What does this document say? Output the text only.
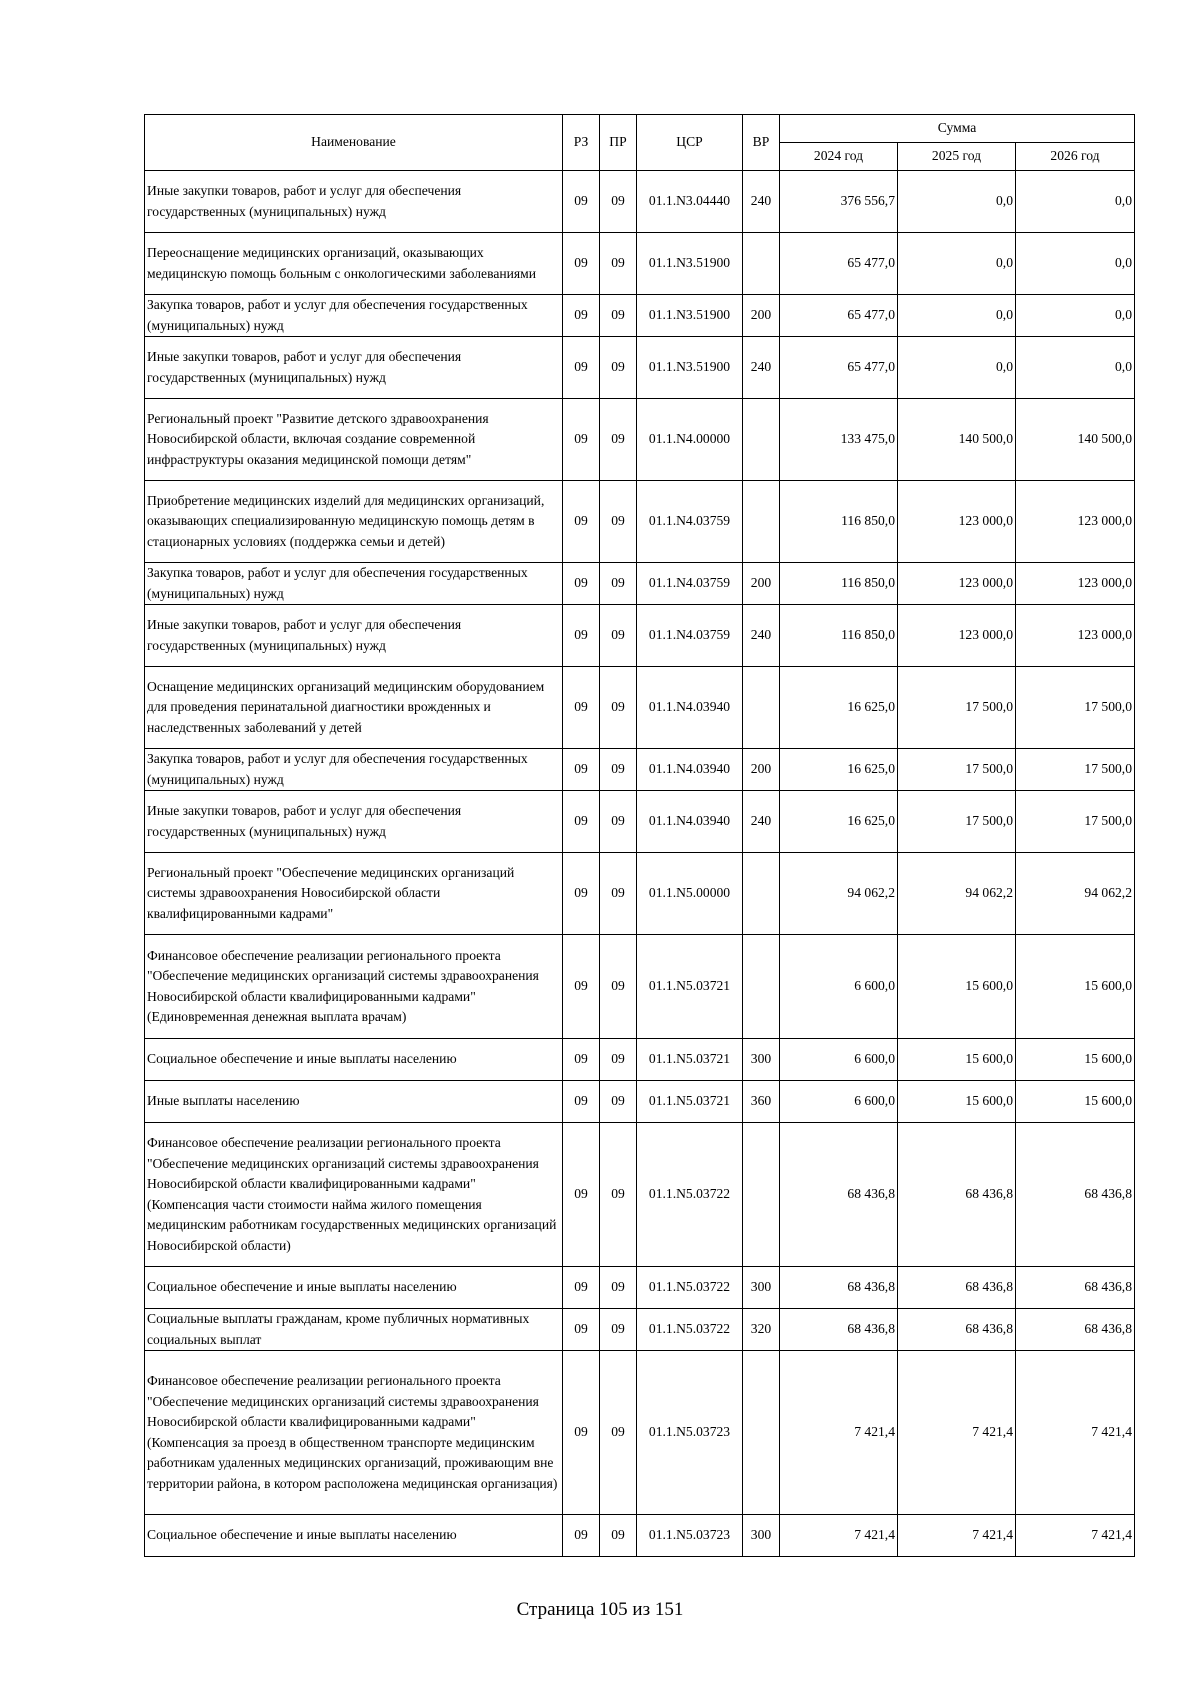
Наименование	РЗ	ПР	ЦСР	ВР	Сумма		
					2024 год	2025 год	2026 год
Иные закупки товаров, работ и услуг для обеспечения государственных (муниципальных) нужд	09	09	01.1.N3.04440	240	376 556,7	0,0	0,0
Переоснащение медицинских организаций, оказывающих медицинскую помощь больным с онкологическими заболеваниями	09	09	01.1.N3.51900		65 477,0	0,0	0,0
Закупка товаров, работ и услуг для обеспечения государственных (муниципальных) нужд	09	09	01.1.N3.51900	200	65 477,0	0,0	0,0
Иные закупки товаров, работ и услуг для обеспечения государственных (муниципальных) нужд	09	09	01.1.N3.51900	240	65 477,0	0,0	0,0
Региональный проект "Развитие детского здравоохранения Новосибирской области, включая создание современной инфраструктуры оказания медицинской помощи детям"	09	09	01.1.N4.00000		133 475,0	140 500,0	140 500,0
Приобретение медицинских изделий для медицинских организаций, оказывающих специализированную медицинскую помощь детям в стационарных условиях (поддержка семьи и детей)	09	09	01.1.N4.03759		116 850,0	123 000,0	123 000,0
Закупка товаров, работ и услуг для обеспечения государственных (муниципальных) нужд	09	09	01.1.N4.03759	200	116 850,0	123 000,0	123 000,0
Иные закупки товаров, работ и услуг для обеспечения государственных (муниципальных) нужд	09	09	01.1.N4.03759	240	116 850,0	123 000,0	123 000,0
Оснащение медицинских организаций медицинским оборудованием для проведения перинатальной диагностики врожденных и наследственных заболеваний у детей	09	09	01.1.N4.03940		16 625,0	17 500,0	17 500,0
Закупка товаров, работ и услуг для обеспечения государственных (муниципальных) нужд	09	09	01.1.N4.03940	200	16 625,0	17 500,0	17 500,0
Иные закупки товаров, работ и услуг для обеспечения государственных (муниципальных) нужд	09	09	01.1.N4.03940	240	16 625,0	17 500,0	17 500,0
Региональный проект "Обеспечение медицинских организаций системы здравоохранения Новосибирской области квалифицированными кадрами"	09	09	01.1.N5.00000		94 062,2	94 062,2	94 062,2
Финансовое обеспечение реализации регионального проекта "Обеспечение медицинских организаций системы здравоохранения Новосибирской области квалифицированными кадрами" (Единовременная денежная выплата врачам)	09	09	01.1.N5.03721		6 600,0	15 600,0	15 600,0
Социальное обеспечение и иные выплаты населению	09	09	01.1.N5.03721	300	6 600,0	15 600,0	15 600,0
Иные выплаты населению	09	09	01.1.N5.03721	360	6 600,0	15 600,0	15 600,0
Финансовое обеспечение реализации регионального проекта "Обеспечение медицинских организаций системы здравоохранения Новосибирской области квалифицированными кадрами" (Компенсация части стоимости найма жилого помещения медицинским работникам государственных медицинских организаций Новосибирской области)	09	09	01.1.N5.03722		68 436,8	68 436,8	68 436,8
Социальное обеспечение и иные выплаты населению	09	09	01.1.N5.03722	300	68 436,8	68 436,8	68 436,8
Социальные выплаты гражданам, кроме публичных нормативных социальных выплат	09	09	01.1.N5.03722	320	68 436,8	68 436,8	68 436,8
Финансовое обеспечение реализации регионального проекта "Обеспечение медицинских организаций системы здравоохранения Новосибирской области квалифицированными кадрами" (Компенсация за проезд в общественном транспорте медицинским работникам удаленных медицинских организаций, проживающим вне территории района, в котором расположена медицинская организация)	09	09	01.1.N5.03723		7 421,4	7 421,4	7 421,4
Социальное обеспечение и иные выплаты населению	09	09	01.1.N5.03723	300	7 421,4	7 421,4	7 421,4
Страница 105 из 151
